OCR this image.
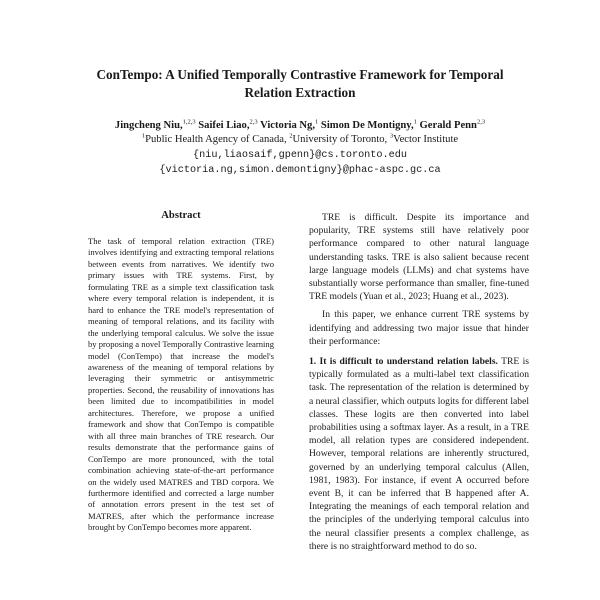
ConTempo: A Unified Temporally Contrastive Framework for Temporal
Relation Extraction
Jingcheng Niu,$^{1,2,3}$ Saifei Liao,$^{2,3}$ Victoria Ng,$^1$ Simon De Montigny,$^1$ Gerald Penn$^{2,3}$
$^1$Public Health Agency of Canada, $^2$University of Toronto, $^3$Vector Institute
{niu,liaosaif,gpenn}@cs.toronto.edu
{victoria.ng,simon.demontigny}@phac-aspc.gc.ca
Abstract
The task of temporal relation extraction (TRE) involves identifying and extracting temporal relations between events from narratives. We identify two primary issues with TRE systems. First, by formulating TRE as a simple text classification task where every temporal relation is independent, it is hard to enhance the TRE model's representation of meaning of temporal relations, and its facility with the underlying temporal calculus. We solve the issue by proposing a novel Temporally Contrastive learning model (ConTempo) that increase the model's awareness of the meaning of temporal relations by leveraging their symmetric or antisymmetric properties. Second, the reusability of innovations has been limited due to incompatibilities in model architectures. Therefore, we propose a unified framework and show that ConTempo is compatible with all three main branches of TRE research. Our results demonstrate that the performance gains of ConTempo are more pronounced, with the total combination achieving state-of-the-art performance on the widely used MATRES and TBD corpora. We furthermore identified and corrected a large number of annotation errors present in the test set of MATRES, after which the performance increase brought by ConTempo becomes more apparent.

TRE is difficult. Despite its importance and popularity, TRE systems still have relatively poor performance compared to other natural language understanding tasks. TRE is also salient because recent large language models (LLMs) and chat systems have substantially worse performance than smaller, fine-tuned TRE models (Yuan et al., 2023; Huang et al., 2023).

In this paper, we enhance current TRE systems by identifying and addressing two major issue that hinder their performance:

1. It is difficult to understand relation labels. TRE is typically formulated as a multi-label text classification task. The representation of the relation is determined by a neural classifier, which outputs logits for different label classes. These logits are then converted into label probabilities using a softmax layer. As a result, in a TRE model, all relation types are considered independent. However, temporal relations are inherently structured, governed by an underlying temporal calculus (Allen, 1981, 1983). For instance, if event A occurred before event B, it can be inferred that B happened after A. Integrating the meanings of each temporal relation and the principles of the underlying temporal calculus into the neural classifier presents a complex challenge, as there is no straightforward method to do so.
